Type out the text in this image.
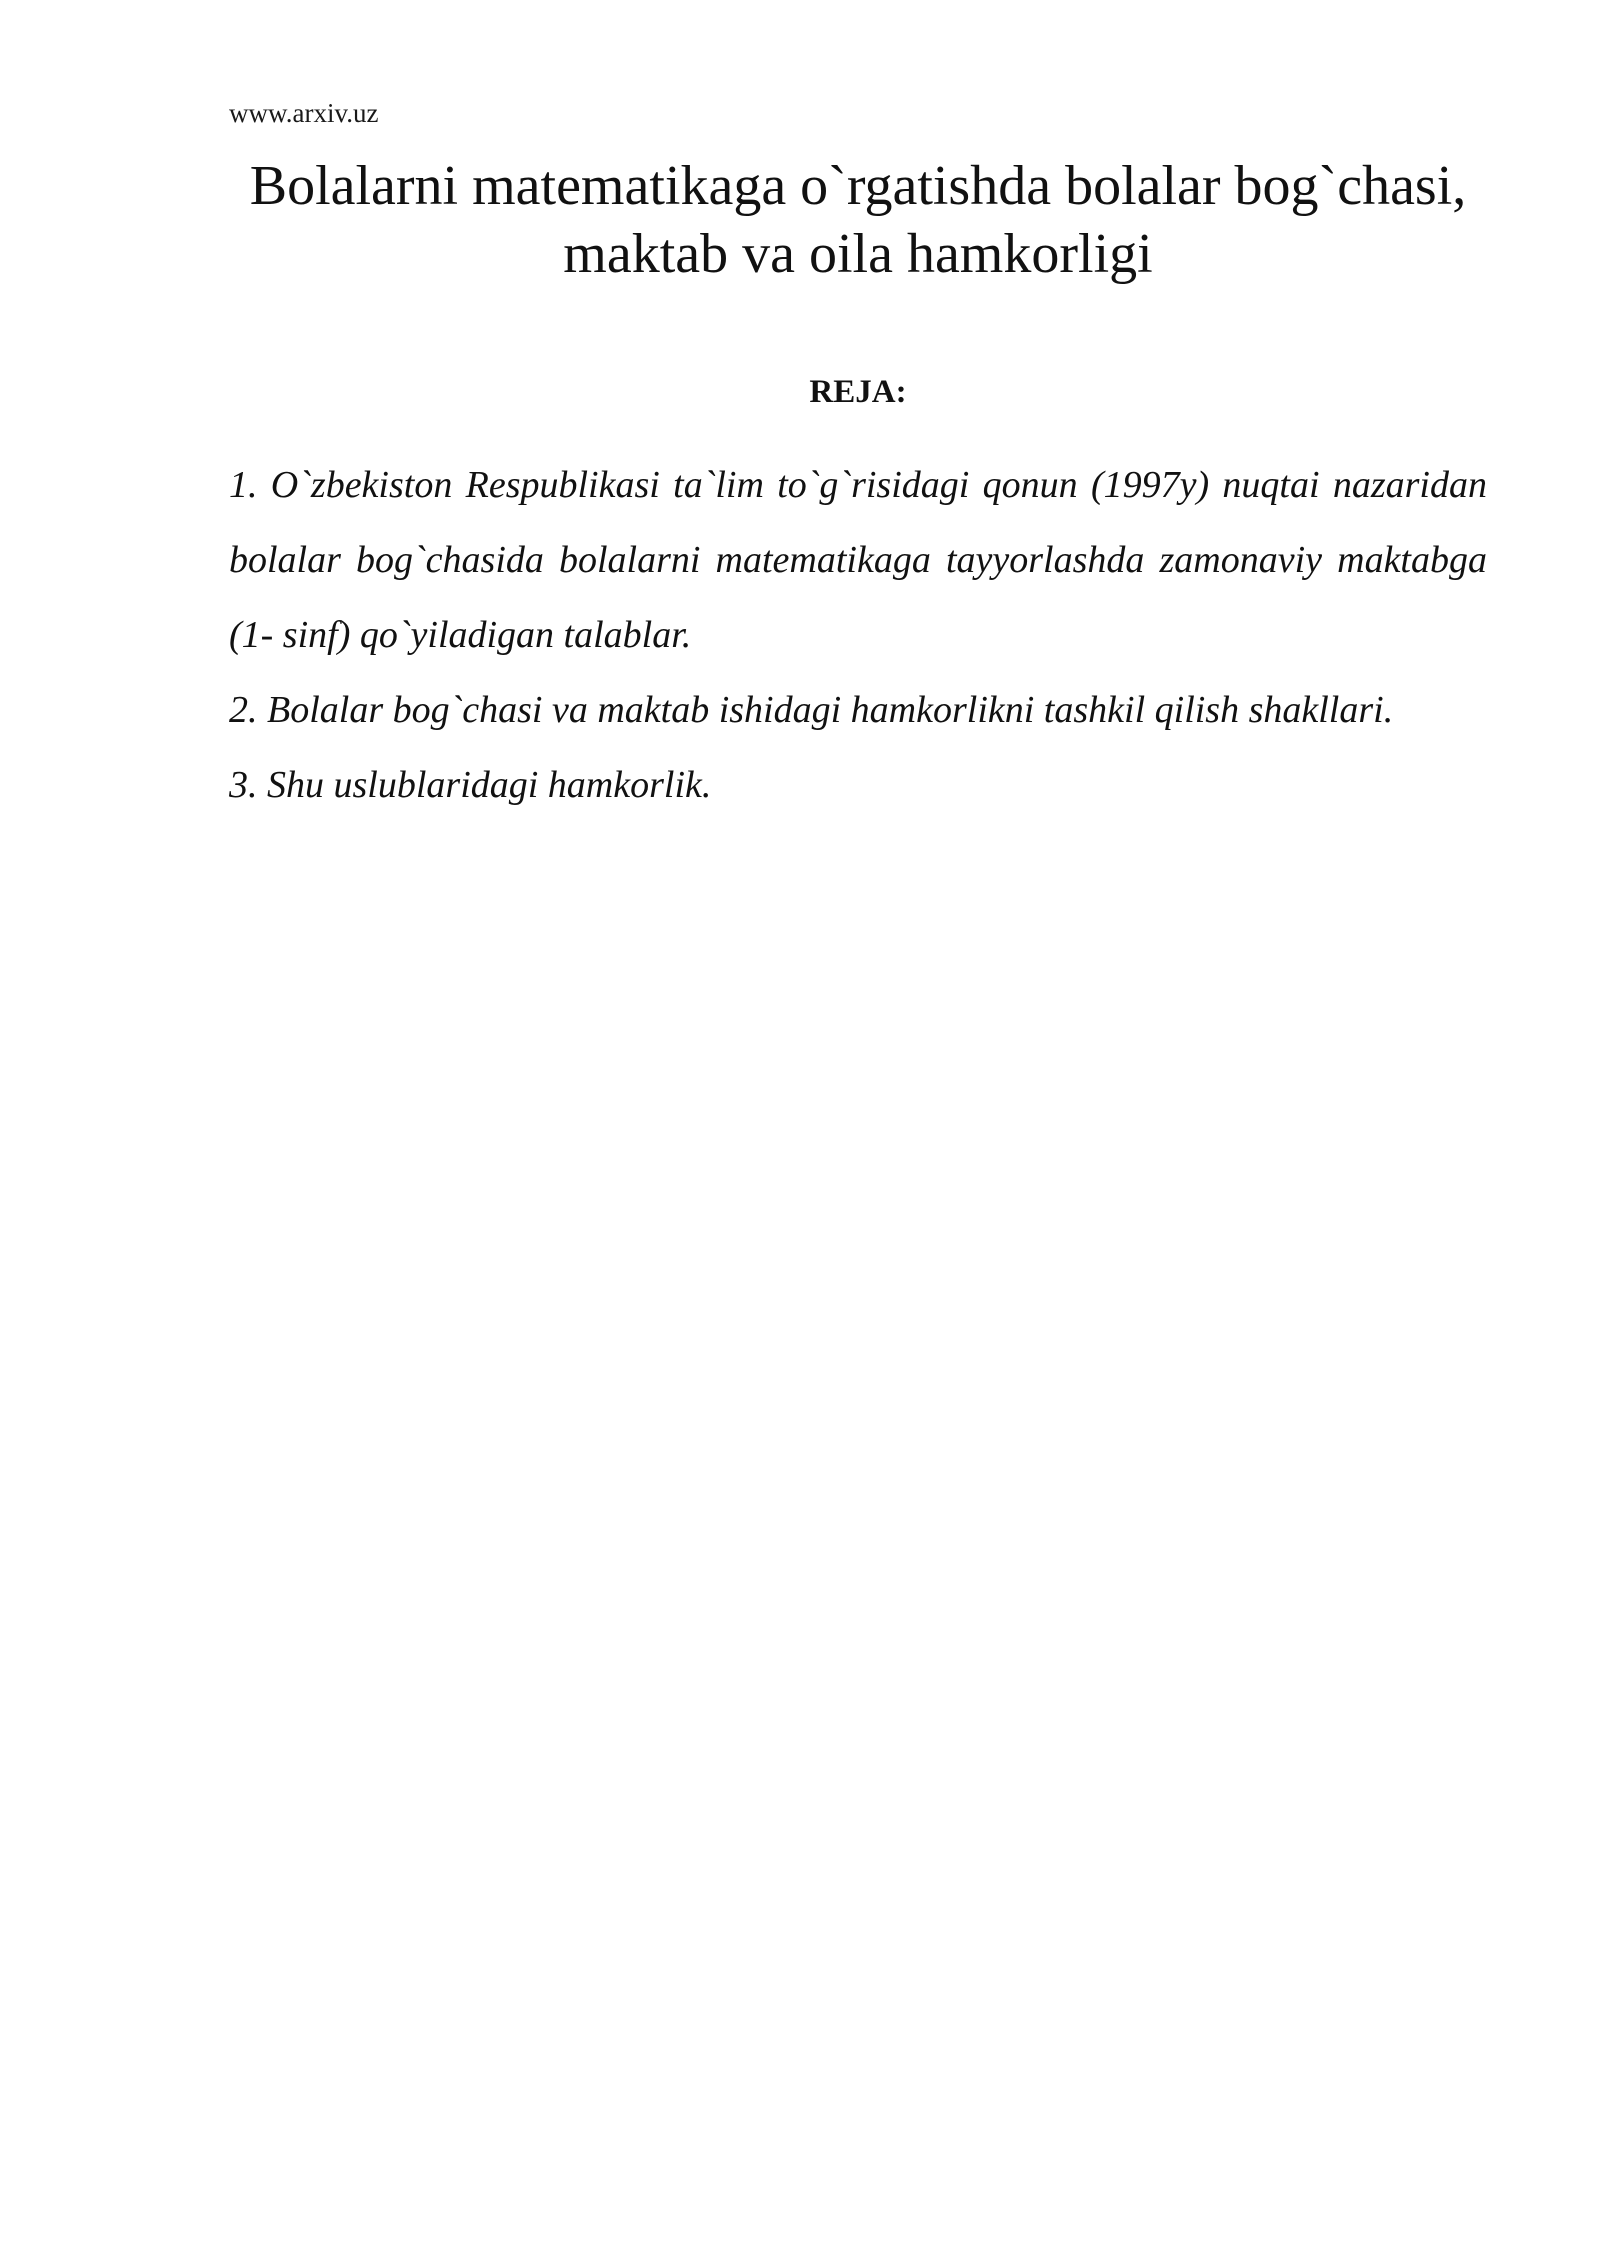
www.arxiv.uz
Bolalarni matematikaga o`rgatishda bolalar bog`chasi, maktab va oila hamkorligi
REJA:
1. O`zbekiston Respublikasi ta`lim to`g`risidagi qonun (1997y) nuqtai nazaridan bolalar bog`chasida bolalarni matematikaga tayyorlashda zamonaviy maktabga (1- sinf) qo`yiladigan talablar.
2. Bolalar bog`chasi va maktab ishidagi hamkorlikni tashkil qilish shakllari.
3. Shu uslublaridagi hamkorlik.
